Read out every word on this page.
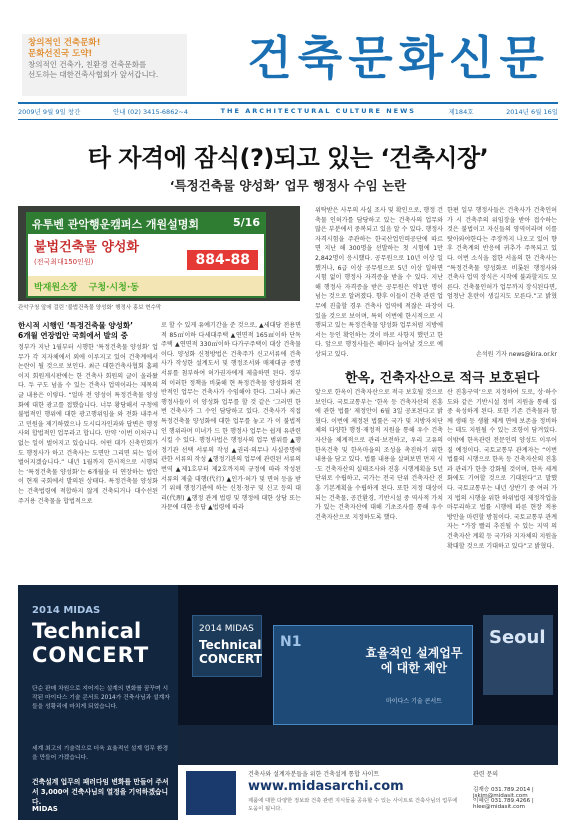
창의적인 건축문화!
문화선진국 도약!
창의적인 건축가, 친환경 건축문화를
선도하는 대한건축사협회가 앞서갑니다.	건축문화신문
2009년 9월 9일 창간	안내 (02) 3415-6862~4	THE ARCHITECTURAL CULTURE NEWS	제184호	2014년 6월 16일
타 자격에 잠식(?)되고 있는 ‘건축시장’
‘특정건축물 양성화’ 업무 행정사 수임 논란
유투벤 관악행운캠퍼스 개원설명회	5/16
불법건축물 양성화
(전국최대150인원)	884-88
박재원소장 구청·시청·동
관악구청 앞에 걸린 ‘불법건축물 양성화’ 행정사 홍보 현수막
한시적 시행인 ‘특정건축물 양성화’
6개월 연장법안 국회에서 발의 중
정부가 지난 1월부터 시행한 ‘특정건축물 양성화’ 업무가 각 지자체에서 외에 이루지고 있어 건축계에서 논란이 될 것으로 보인다. 최근 대한건축사협회 홈페이지 회원게시판에는 한 건축사 회원의 글이 올라왔다. 두 구도 넘을 수 있는 건축사 업역이라는 제목의 글 내용은 이렇다. “얼마 전 양성이 특정건축물 양성화에 대한 광고를 접했습니다. 너무 황당해서 구청에 불법적인 행위에 대한 광고행위임을 와 전화 내주셔고 민원을 제기하였으나 도시디자인과와 답변은 행정사의 합법적인 업무라고 합니다. 만약 ‘이번 이처구니 없는 일이 벌어지고 있습니다. 어떤 대가 신축인회가도 행정사가 하고 건축사는 도면만 그리면 되는 일이 벌어지겠습니다.” 내년 1월까지 한시적으로 시행되는 ‘특정건축물 양성화’는 6개월을 더 연장하는 법안이 현재 국회에서 발의된 상태다. 특정건축물 양성화는 건축법령에 적합하지 않게 건축되거나 대수선된 주거용 건축물을 합법적으로
로 할 수 있게 유예기간을 준 것으로, ▲세대당 전용면적 85㎡이하 다세대주택 ▲연면적 165㎡이하 단독주택 ▲연면적 330㎡이하 다가구주택이 대상 건축물이다. 양성화 신청방법은 건축주가 신고서류에 건축사가 작성한 설계도서 및 행정조서와 매제대금 증명서류를 첨부하여 허가권자에게 제출하면 된다. 정부의 이러한 정책을 비롯해 현 특정건축물 양성화의 전반적인 업무는 건축사가 수임해야 한다. 그러나 최근 행정사들이 이 양성화 업무를 할 것 같은 ‘그러면 한번 건축사가 그 수인 담당하고 있다. 건축사가 직접 특정건축물 양성화에 대한 업무를 놓고 가 이 불법적인 행위라며 미녀가 드 한 행정사 업무는 쉽게 유관련 시킬 수 있다. 행정사법은 행정사의 업무 범위를 ▲행정기관 선택 서류의 작성 ▲권리·의무나 사실증명에 관한 서류의 작성 ▲행정기관의 업무에 관련된 서류의 번역 ▲제1호부터 제2호까지의 규정에 따라 작성된 서류의 제출 대행(代行) ▲인가·허가 및 면허 등을 받기 위해 행정기관에 하는 신청·청구 및 신고 등의 대리(代理) ▲행정 관계 법령 및 행정에 대한 상담 또는 자문에 대한 응답 ▲법령에 따라
위탁받은 사무의 사실 조사 및 확인으로, 행정 건축물 인허가를 담당하고 있는 건축사의 업무와 많은 부분에서 중복되고 있음 알 수 있다. 행정사 자격시험을 주관하는 한국산업인력공단에 따르면 지난 해 300명을 선발하는 첫 시험에 1만 2,842명이 응시했다. 공무원으로 10년 이상 일했거나, 6급 이상 공무원으로 5년 이상 일하면 시험 없이 행정사 자격증을 받을 수 있다. 지난 해 행정사 자격증을 받은 공무원은 약1만 명이 넘는 것으로 알려졌다. 향후 이들이 건축 관련 업무에 진출할 경우 건축사 업역에 적잖은 파장이 있을 것으로 보이며, 특히 이번에 한시적으로 시행되고 있는 특정건축물 양성화 업무처럼 지방에서는 등인 확인하는 것이 바로 사항지 했던고 한다. 앞으로 행정사들은 해마다 늘어날 것으로 예상되고 있다.
한편 일부 행정사들은 건축사가 건축인허가 시 건축주의 위임장을 받아 접수하는 것은 불법이고 자신들의 영역이라며 이를 탓아와야한다는 주장까지 나오고 있어 향후 건축계의 반응에 귀추가 주목되고 있다. 이번 소식을 접한 서울의 한 건축사는 “특정건축물 양성화로 비롯된 행정사와 건축사 업역 장식은 시작에 불과할지도 모른다. 건축물인허가 업무까지 장식된다면, 엄청난 혼란이 생길지도 모른다.”고 밝혔다.
손석원 기자 news@kira.or.kr
한옥, 건축자산으로 적극 보호된다
앞으로 한옥이 건축자산으로 적극 보호될 것으로 보인다. 국토교통부는 ‘한옥 등 건축자산의 진흥에 관한 법률’ 제정안이 6월 3일 공포된다고 밝혔다. 이번에 제정된 법률은 국가 및 지방자치단체의 다양한 행정·재정적 지원을 통해 우수 건축자산을 체계적으로 관리·보전하고, 우리 고유의 한옥건축 및 한옥마을의 조성을 촉진하기 위한 내용을 담고 있다. 법률 내용을 살펴보면 먼저 시·도 건축자산의 실태조사와 진흥 시행계획을 5년 단위로 수립하고, 국가는 전국 단위 건축자산 진흥 기본계획을 수립하게 된다. 또한 지정 대상이 되는 건축물, 공간환경, 기반시설 중 역사적 가치가 있는 건축자산에 대해 기초조사를 통해 우수건축자산으로 지정하도록 했다.
산 진흥구역’으로 지정하여 도로, 상·하수도와 같은 기반시설 정비 지원을 통해 집중 육성하게 된다. 또한 기존 건축물과 함께 생태 등 생활 체계 면에 보존을 정비하는 데도 지원될 수 있는 조항이 담겨있다. 이밖에 한옥관련 전문인력 양성도 이루어질 예정이다. 국토교통부 관계자는 “이번 법률의 시행으로 한옥 등 건축자산의 진흥과 관리가 한층 강화될 것이며, 한옥 세계화에도 기여할 것으로 기대된다”고 말했다. 국토교통부는 내년 상반기 중 여러 가지 법의 시행을 위한 하위법령 제정작업을 마무리하고 법률 시행에 따른 현장 적용 방안을 마련할 방침이다. 국토교통부 관계자는 “가장 빨리 추진될 수 있는 지역 의 건축자산 계획 등 국가와 지자체의 지원을 확대할 것으로 기대하고 있다”고 밝혔다.
2014 MIDAS
Technical
CONCERT
단순 판매 차원으로 지어지는 설계의 변화를 꿈꾸며 시작된 마이다스 기술 콘서트 2014가 건축사님과 설계자들을 성황리에 마치게 되었습니다.
세계 최고의 기술력으로 더욱 효율적인 설계 업무 환경을 만들어 가겠습니다.
건축설계 업무의 패러다임 변화를 만들어 주셔서 3,000여 건축사님의 열정을 기억하겠습니다.
MIDAS
2014 MIDAS
Technical
CONCERT
N1
효율적인 설계업무에 대한 제안
마이다스 기술 콘서트
Seoul
건축사와 설계자분들을 위한 건축설계 통합 사이트
www.midasarchi.com
제품에 대한 다양한 정보와 건축 관련 지식들을 공유할 수 있는 사이트로 건축사님의 업무에 도움이 됩니다.
관련 문의
김재승 031.789.2014 | jskim@midasit.com
이혜린 031.789.4266 | hlee@midasit.com
